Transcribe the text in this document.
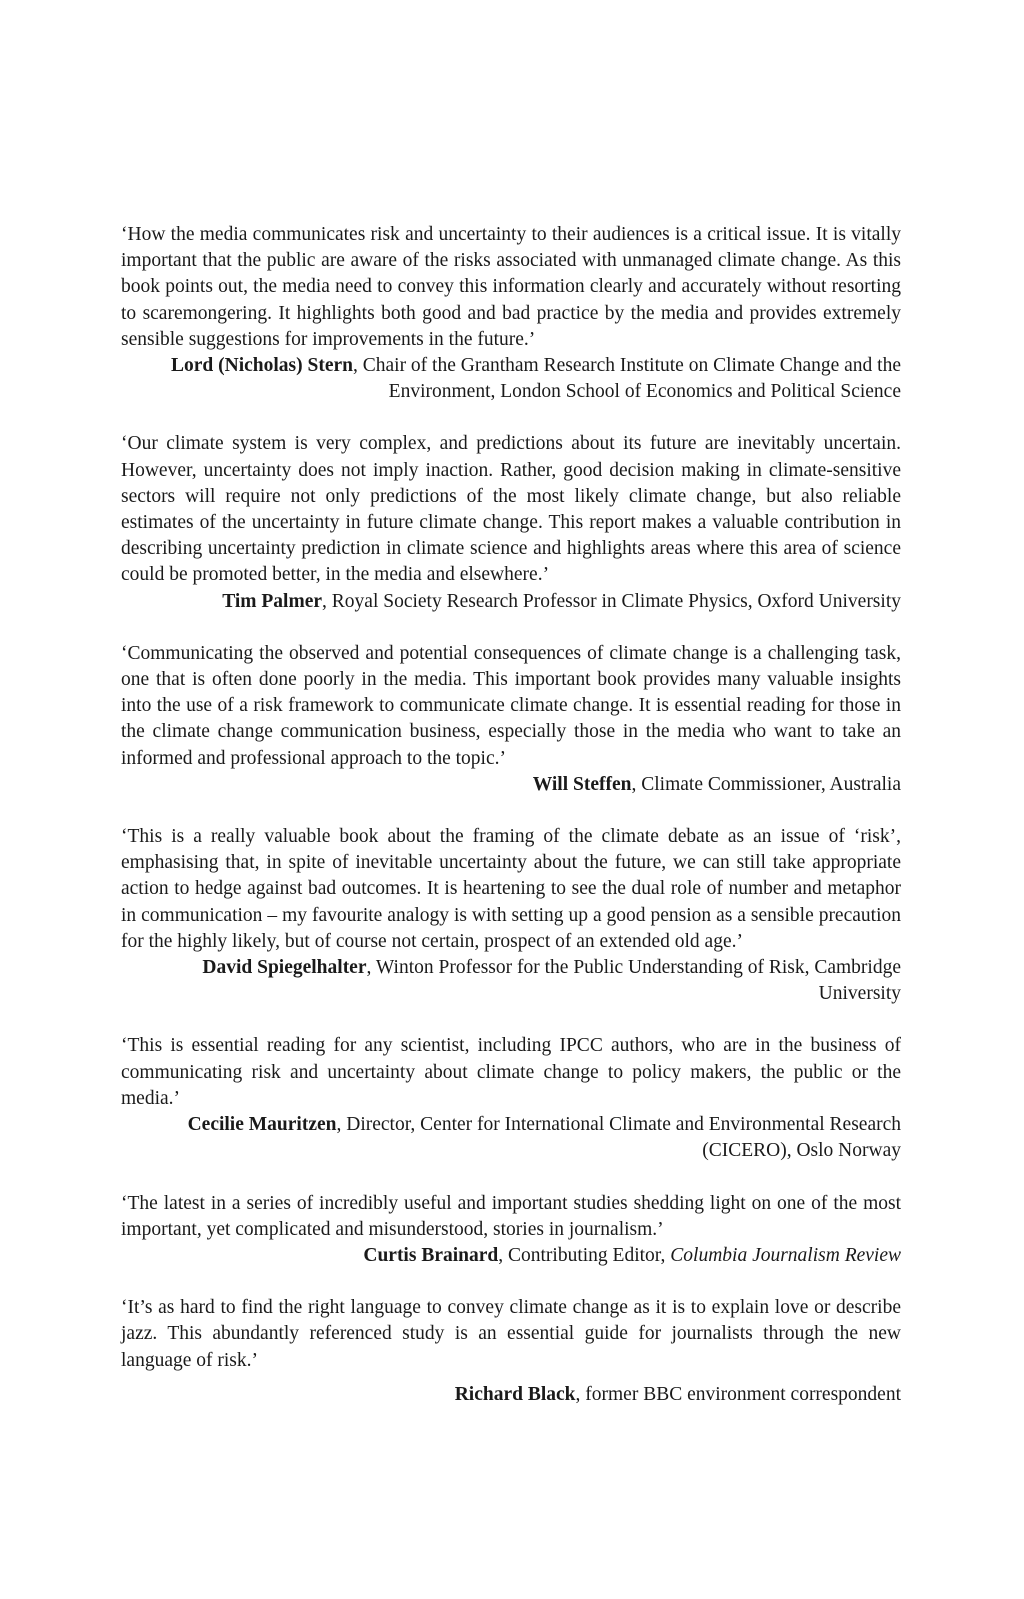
‘How the media communicates risk and uncertainty to their audiences is a critical issue. It is vitally important that the public are aware of the risks associated with unmanaged climate change. As this book points out, the media need to convey this information clearly and accurately without resorting to scaremongering. It highlights both good and bad practice by the media and provides extremely sensible suggestions for improvements in the future.’

Lord (Nicholas) Stern, Chair of the Grantham Research Institute on Climate Change and the Environment, London School of Economics and Political Science

‘Our climate system is very complex, and predictions about its future are inevitably uncertain. However, uncertainty does not imply inaction. Rather, good decision making in climate-sensitive sectors will require not only predictions of the most likely climate change, but also reliable estimates of the uncertainty in future climate change. This report makes a valuable contribution in describing uncertainty prediction in climate science and highlights areas where this area of science could be promoted better, in the media and elsewhere.’

Tim Palmer, Royal Society Research Professor in Climate Physics, Oxford University

‘Communicating the observed and potential consequences of climate change is a challenging task, one that is often done poorly in the media. This important book provides many valuable insights into the use of a risk framework to communicate climate change. It is essential reading for those in the climate change communication business, especially those in the media who want to take an informed and professional approach to the topic.’

Will Steffen, Climate Commissioner, Australia

‘This is a really valuable book about the framing of the climate debate as an issue of ‘risk’, emphasising that, in spite of inevitable uncertainty about the future, we can still take appropriate action to hedge against bad outcomes. It is heartening to see the dual role of number and metaphor in communication – my favourite analogy is with setting up a good pension as a sensible precaution for the highly likely, but of course not certain, prospect of an extended old age.’

David Spiegelhalter, Winton Professor for the Public Understanding of Risk, Cambridge University

‘This is essential reading for any scientist, including IPCC authors, who are in the business of communicating risk and uncertainty about climate change to policy makers, the public or the media.’

Cecilie Mauritzen, Director, Center for International Climate and Environmental Research (CICERO), Oslo Norway

‘The latest in a series of incredibly useful and important studies shedding light on one of the most important, yet complicated and misunderstood, stories in journalism.’

Curtis Brainard, Contributing Editor, Columbia Journalism Review

‘It’s as hard to find the right language to convey climate change as it is to explain love or describe jazz. This abundantly referenced study is an essential guide for journalists through the new language of risk.’

Richard Black, former BBC environment correspondent
